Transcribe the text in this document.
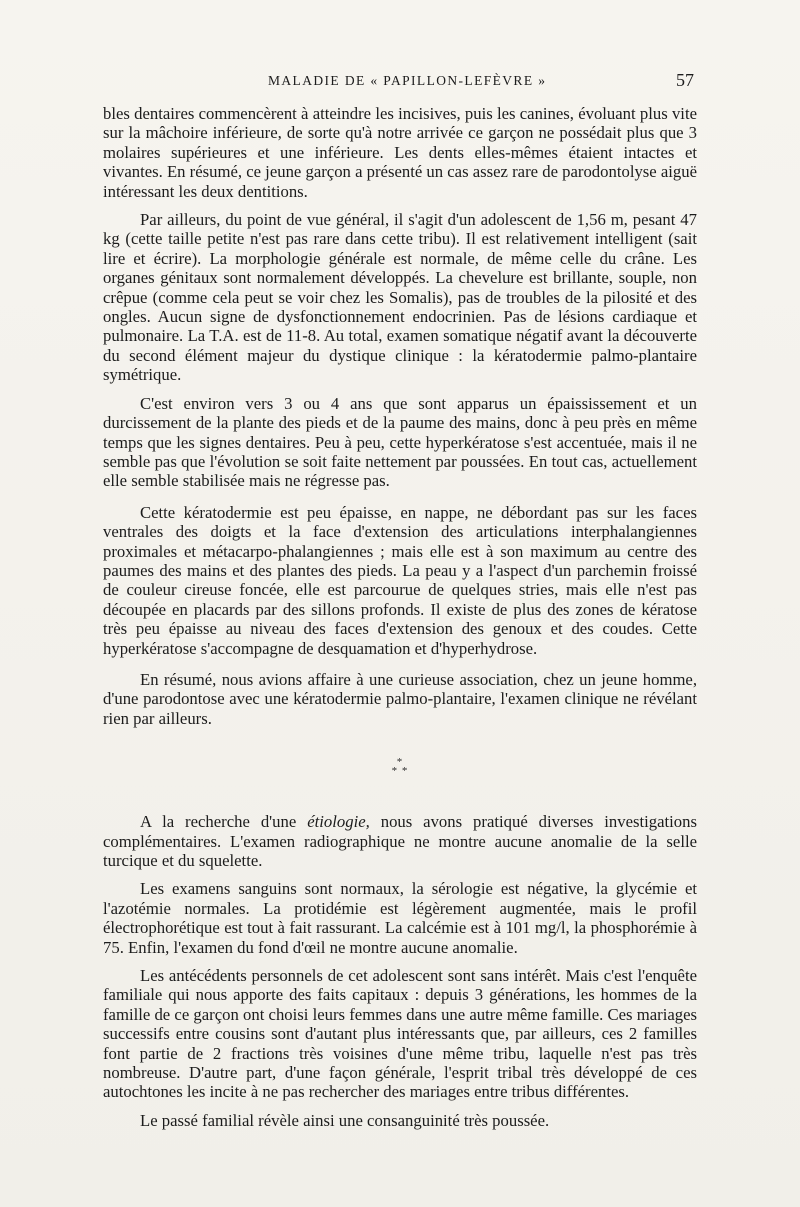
MALADIE DE « PAPILLON-LEFÈVRE »	57

bles dentaires commencèrent à atteindre les incisives, puis les canines, évoluant plus vite sur la mâchoire inférieure, de sorte qu'à notre arrivée ce garçon ne possédait plus que 3 molaires supérieures et une inférieure. Les dents elles-mêmes étaient intactes et vivantes. En résumé, ce jeune garçon a présenté un cas assez rare de parodontolyse aiguë intéressant les deux dentitions.

Par ailleurs, du point de vue général, il s'agit d'un adolescent de 1,56 m, pesant 47 kg (cette taille petite n'est pas rare dans cette tribu). Il est relativement intelligent (sait lire et écrire). La morphologie générale est normale, de même celle du crâne. Les organes génitaux sont normalement développés. La chevelure est brillante, souple, non crêpue (comme cela peut se voir chez les Somalis), pas de troubles de la pilosité et des ongles. Aucun signe de dysfonctionnement endocrinien. Pas de lésions cardiaque et pulmonaire. La T.A. est de 11-8. Au total, examen somatique négatif avant la découverte du second élément majeur du dystique clinique : la kératodermie palmo-plantaire symétrique.

C'est environ vers 3 ou 4 ans que sont apparus un épaississement et un durcissement de la plante des pieds et de la paume des mains, donc à peu près en même temps que les signes dentaires. Peu à peu, cette hyperkératose s'est accentuée, mais il ne semble pas que l'évolution se soit faite nettement par poussées. En tout cas, actuellement elle semble stabilisée mais ne régresse pas.

Cette kératodermie est peu épaisse, en nappe, ne débordant pas sur les faces ventrales des doigts et la face d'extension des articulations interphalangiennes proximales et métacarpo-phalangiennes ; mais elle est à son maximum au centre des paumes des mains et des plantes des pieds. La peau y a l'aspect d'un parchemin froissé de couleur cireuse foncée, elle est parcourue de quelques stries, mais elle n'est pas découpée en placards par des sillons profonds. Il existe de plus des zones de kératose très peu épaisse au niveau des faces d'extension des genoux et des coudes. Cette hyperkératose s'accompagne de desquamation et d'hyperhydrose.

En résumé, nous avions affaire à une curieuse association, chez un jeune homme, d'une parodontose avec une kératodermie palmo-plantaire, l'examen clinique ne révélant rien par ailleurs.

*
* *

A la recherche d'une étiologie, nous avons pratiqué diverses investigations complémentaires. L'examen radiographique ne montre aucune anomalie de la selle turcique et du squelette.

Les examens sanguins sont normaux, la sérologie est négative, la glycémie et l'azotémie normales. La protidémie est légèrement augmentée, mais le profil électrophorétique est tout à fait rassurant. La calcémie est à 101 mg/l, la phosphorémie à 75. Enfin, l'examen du fond d'œil ne montre aucune anomalie.

Les antécédents personnels de cet adolescent sont sans intérêt. Mais c'est l'enquête familiale qui nous apporte des faits capitaux : depuis 3 générations, les hommes de la famille de ce garçon ont choisi leurs femmes dans une autre même famille. Ces mariages successifs entre cousins sont d'autant plus intéressants que, par ailleurs, ces 2 familles font partie de 2 fractions très voisines d'une même tribu, laquelle n'est pas très nombreuse. D'autre part, d'une façon générale, l'esprit tribal très développé de ces autochtones les incite à ne pas rechercher des mariages entre tribus différentes.

Le passé familial révèle ainsi une consanguinité très poussée.
